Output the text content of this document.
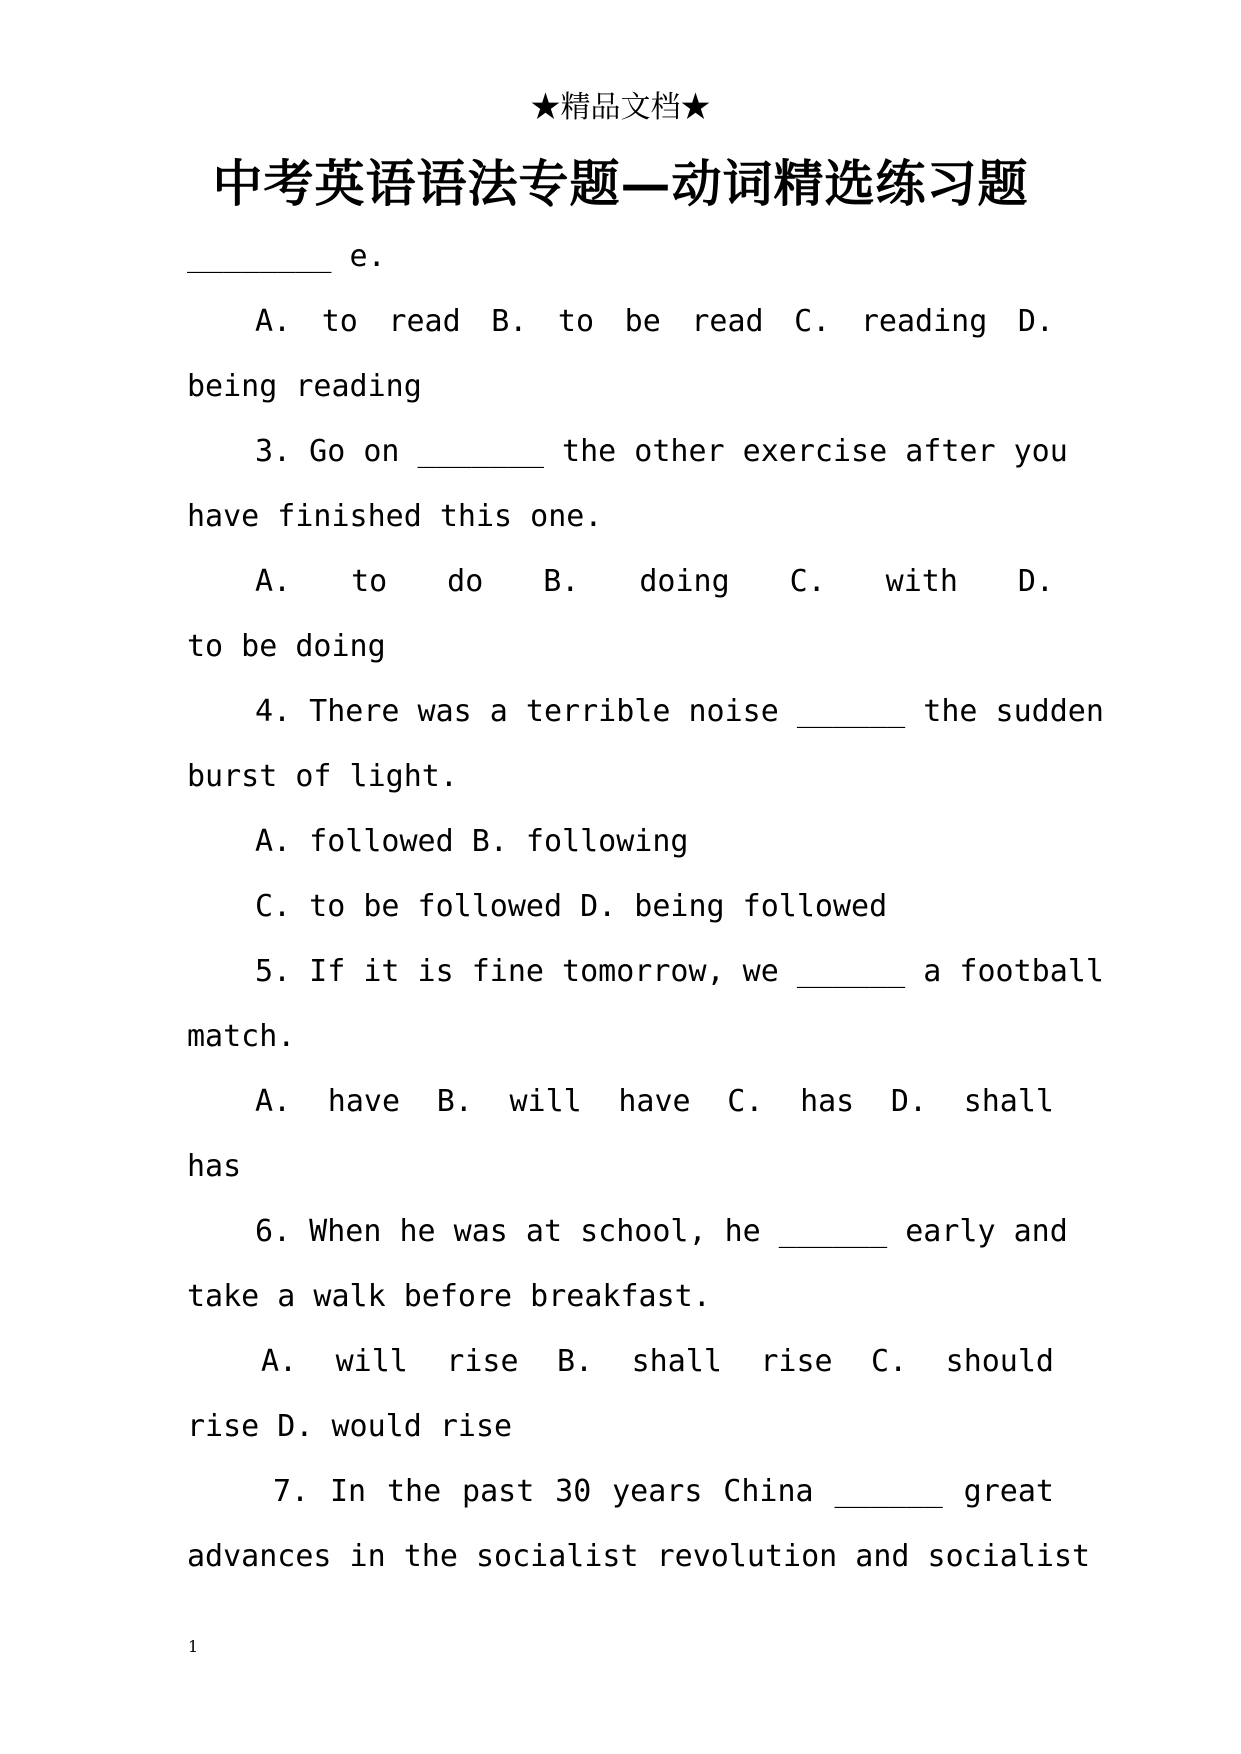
★精品文档★
中考英语语法专题—动词精选练习题
________ e.
A. to read B. to be read C. reading D.
being reading
3. Go on _______ the other exercise after you
have finished this one.
A. to do B. doing C. with D.
to be doing
4. There was a terrible noise ______ the sudden
burst of light.
A. followed B. following
C. to be followed D. being followed
5. If it is fine tomorrow, we ______ a football
match.
A. have B. will have C. has D. shall
has
6. When he was at school, he ______ early and
take a walk before breakfast.
A. will rise B. shall rise C. should
rise D. would rise
7. In the past 30 years China ______ great
advances in the socialist revolution and socialist
1
